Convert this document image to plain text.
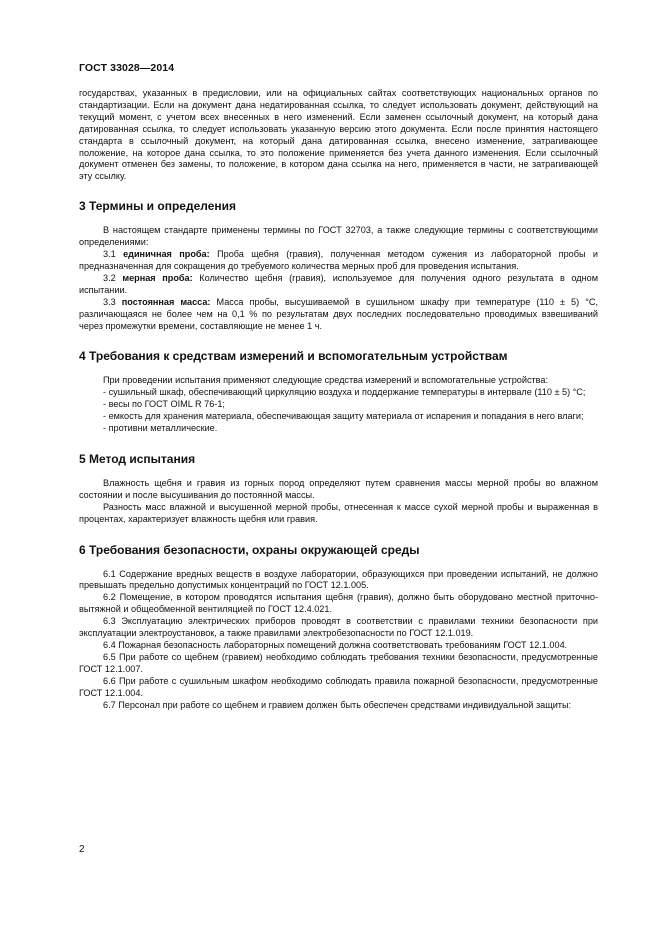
ГОСТ 33028—2014

государствах, указанных в предисловии, или на официальных сайтах соответствующих национальных органов по стандартизации. Если на документ дана недатированная ссылка, то следует использовать документ, действующий на текущий момент, с учетом всех внесенных в него изменений. Если заменен ссылочный документ, на который дана датированная ссылка, то следует использовать указанную версию этого документа. Если после принятия настоящего стандарта в ссылочный документ, на который дана датированная ссылка, внесено изменение, затрагивающее положение, на которое дана ссылка, то это положение применяется без учета данного изменения. Если ссылочный документ отменен без замены, то положение, в котором дана ссылка на него, применяется в части, не затрагивающей эту ссылку.

3 Термины и определения

В настоящем стандарте применены термины по ГОСТ 32703, а также следующие термины с соответствующими определениями:

3.1 единичная проба: Проба щебня (гравия), полученная методом сужения из лабораторной пробы и предназначенная для сокращения до требуемого количества мерных проб для проведения испытания.

3.2 мерная проба: Количество щебня (гравия), используемое для получения одного результата в одном испытании.

3.3 постоянная масса: Масса пробы, высушиваемой в сушильном шкафу при температуре (110 ± 5) °С, различающаяся не более чем на 0,1 % по результатам двух последних последовательно проводимых взвешиваний через промежутки времени, составляющие не менее 1 ч.

4 Требования к средствам измерений и вспомогательным устройствам

При проведении испытания применяют следующие средства измерений и вспомогательные устройства:

- сушильный шкаф, обеспечивающий циркуляцию воздуха и поддержание температуры в интервале (110 ± 5) °С;

- весы по ГОСТ OIML R 76-1;

- емкость для хранения материала, обеспечивающая защиту материала от испарения и попадания в него влаги;

- противни металлические.

5 Метод испытания

Влажность щебня и гравия из горных пород определяют путем сравнения массы мерной пробы во влажном состоянии и после высушивания до постоянной массы.

Разность масс влажной и высушенной мерной пробы, отнесенная к массе сухой мерной пробы и выраженная в процентах, характеризует влажность щебня или гравия.

6 Требования безопасности, охраны окружающей среды

6.1 Содержание вредных веществ в воздухе лаборатории, образующихся при проведении испытаний, не должно превышать предельно допустимых концентраций по ГОСТ 12.1.005.

6.2 Помещение, в котором проводятся испытания щебня (гравия), должно быть оборудовано местной приточно-вытяжной и общеобменной вентиляцией по ГОСТ 12.4.021.

6.3 Эксплуатацию электрических приборов проводят в соответствии с правилами техники безопасности при эксплуатации электроустановок, а также правилами электробезопасности по ГОСТ 12.1.019.

6.4 Пожарная безопасность лабораторных помещений должна соответствовать требованиям ГОСТ 12.1.004.

6.5 При работе со щебнем (гравием) необходимо соблюдать требования техники безопасности, предусмотренные ГОСТ 12.1.007.

6.6 При работе с сушильным шкафом необходимо соблюдать правила пожарной безопасности, предусмотренные ГОСТ 12.1.004.

6.7 Персонал при работе со щебнем и гравием должен быть обеспечен средствами индивидуальной защиты:

2
